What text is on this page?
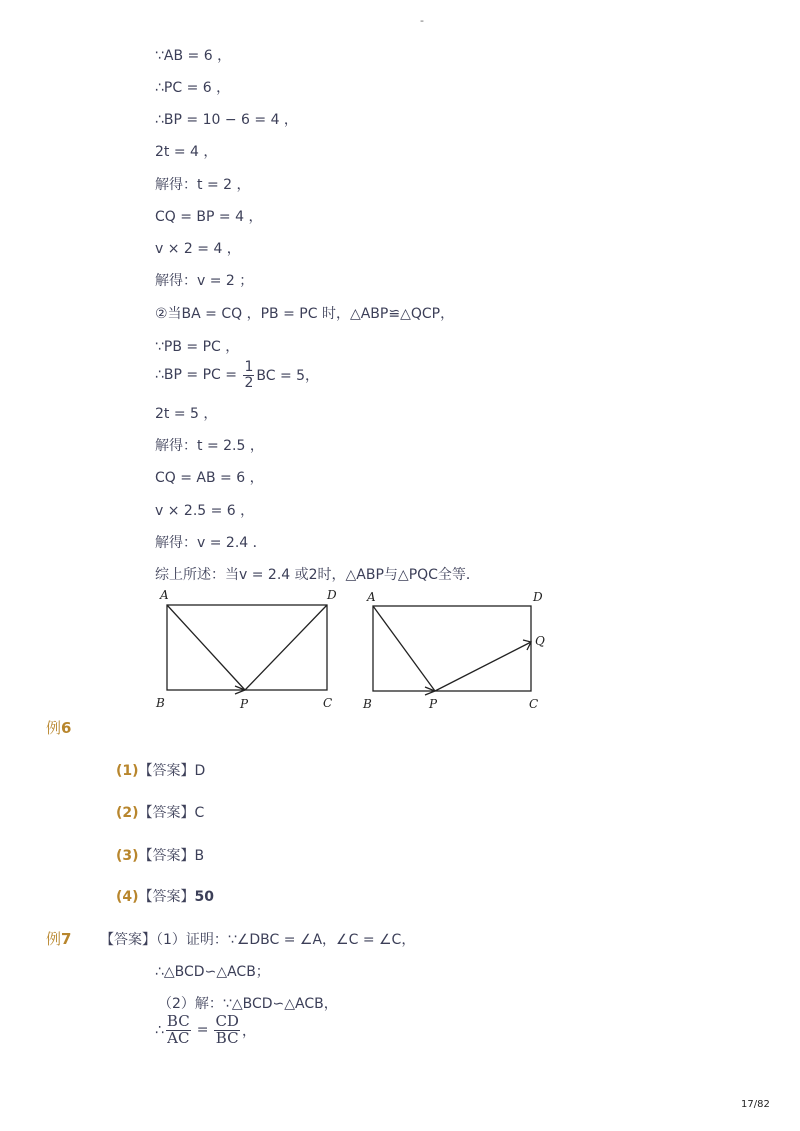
-
∵AB = 6 ，
∴PC = 6 ，
∴BP = 10 − 6 = 4 ，
2t = 4 ，
解得：t = 2 ，
CQ = BP = 4 ，
v × 2 = 4 ，
解得：v = 2 ；
②当BA = CQ ，PB = PC 时，△ABP≌△QCP，
∵PB = PC ，
∴BP = PC = $\frac{1}{2}$ BC = 5，
2t = 5 ，
解得：t = 2.5 ，
CQ = AB = 6 ，
v × 2.5 = 6 ，
解得：v = 2.4 ．
综上所述：当v = 2.4 或2时，△ABP与△PQC全等．
A	D
B	P	C
A	D
Q
B	P	C
例6
(1)【答案】D
(2)【答案】C
(3)【答案】B
(4)【答案】50
例7 【答案】（1）证明：∵∠DBC = ∠A，∠C = ∠C，
∴△BCD∽△ACB；
（2）解：∵△BCD∽△ACB，
∴ $\frac{BC}{AC} = \frac{CD}{BC}$ ，
17/82
